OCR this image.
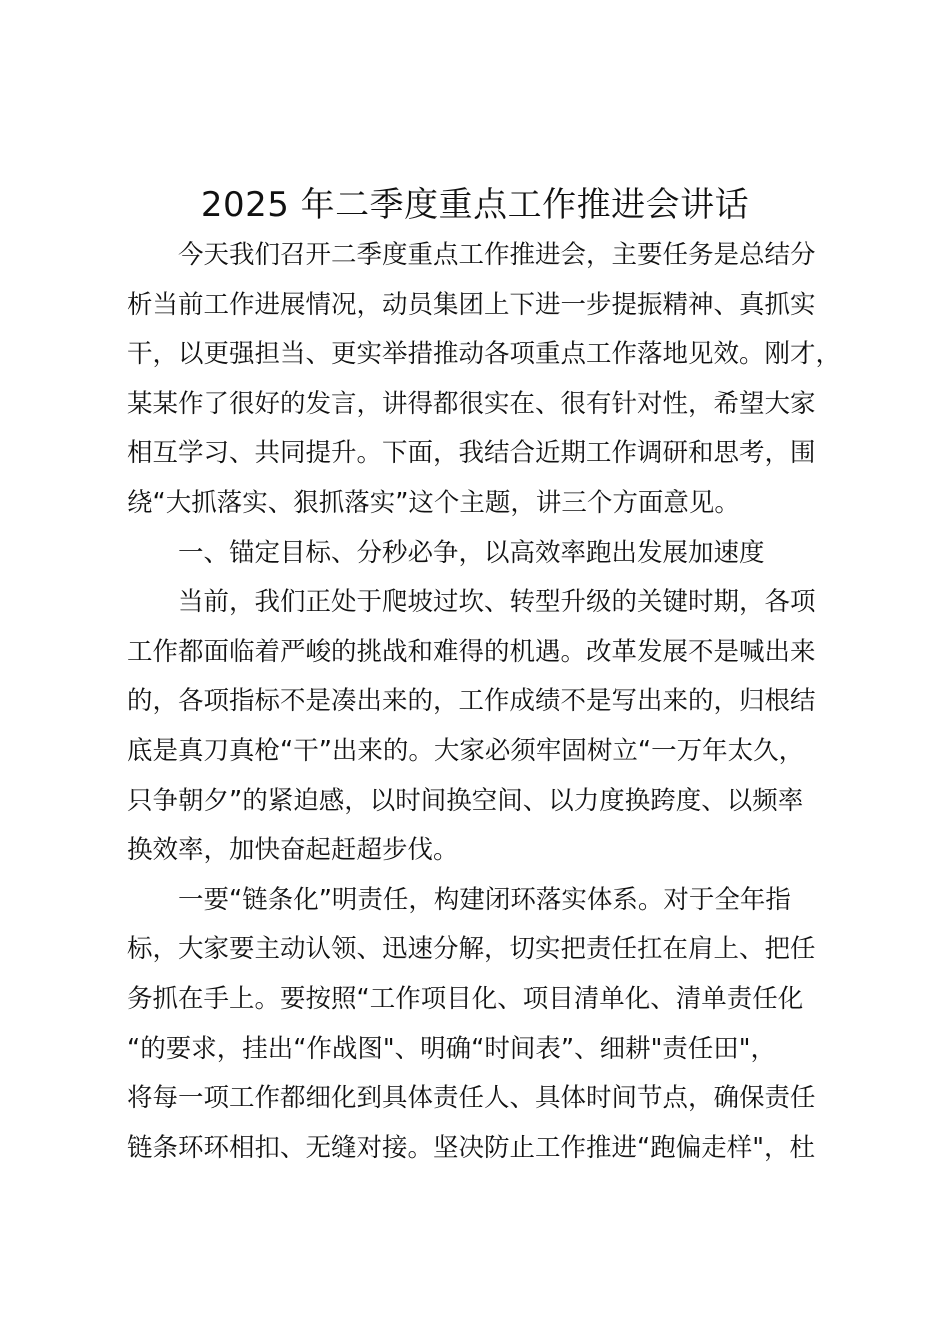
2025 年二季度重点工作推进会讲话
今天我们召开二季度重点工作推进会，主要任务是总结分
析当前工作进展情况，动员集团上下进一步提振精神、真抓实
干，以更强担当、更实举措推动各项重点工作落地见效。刚才，
某某作了很好的发言，讲得都很实在、很有针对性，希望大家
相互学习、共同提升。下面，我结合近期工作调研和思考，围
绕“大抓落实、狠抓落实”这个主题，讲三个方面意见。
一、锚定目标、分秒必争，以高效率跑出发展加速度
当前，我们正处于爬坡过坎、转型升级的关键时期，各项
工作都面临着严峻的挑战和难得的机遇。改革发展不是喊出来
的，各项指标不是凑出来的，工作成绩不是写出来的，归根结
底是真刀真枪“干”出来的。大家必须牢固树立“一万年太久，
只争朝夕”的紧迫感，以时间换空间、以力度换跨度、以频率
换效率，加快奋起赶超步伐。
一要“链条化”明责任，构建闭环落实体系。对于全年指
标，大家要主动认领、迅速分解，切实把责任扛在肩上、把任
务抓在手上。要按照“工作项目化、项目清单化、清单责任化
“的要求，挂出“作战图"、明确“时间表”、细耕"责任田"，
将每一项工作都细化到具体责任人、具体时间节点，确保责任
链条环环相扣、无缝对接。坚决防止工作推进“跑偏走样"，杜
